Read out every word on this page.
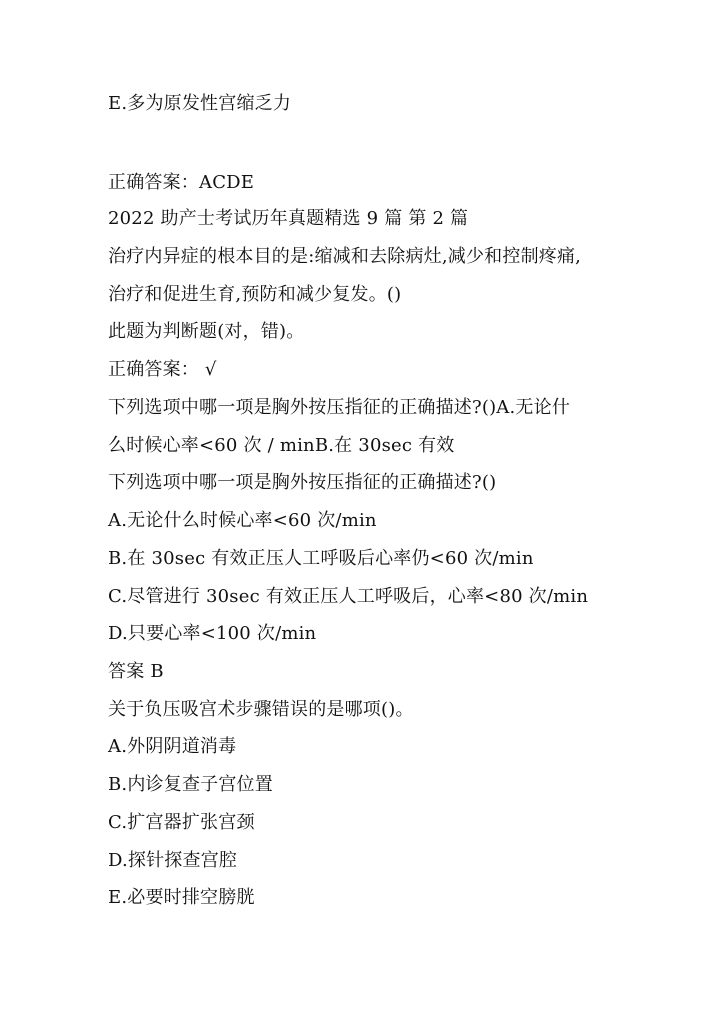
E.多为原发性宫缩乏力
正确答案：ACDE
2022 助产士考试历年真题精选 9 篇 第 2 篇
治疗内异症的根本目的是:缩减和去除病灶,减少和控制疼痛,
治疗和促进生育,预防和减少复发。()
此题为判断题(对，错)。
正确答案： √
下列选项中哪一项是胸外按压指征的正确描述?()A.无论什
么时候心率<60 次 / minB.在 30sec 有效
下列选项中哪一项是胸外按压指征的正确描述?()
A.无论什么时候心率<60 次/min
B.在 30sec 有效正压人工呼吸后心率仍<60 次/min
C.尽管进行 30sec 有效正压人工呼吸后，心率<80 次/min
D.只要心率<100 次/min
答案 B
关于负压吸宫术步骤错误的是哪项()。
A.外阴阴道消毒
B.内诊复查子宫位置
C.扩宫器扩张宫颈
D.探针探查宫腔
E.必要时排空膀胱
